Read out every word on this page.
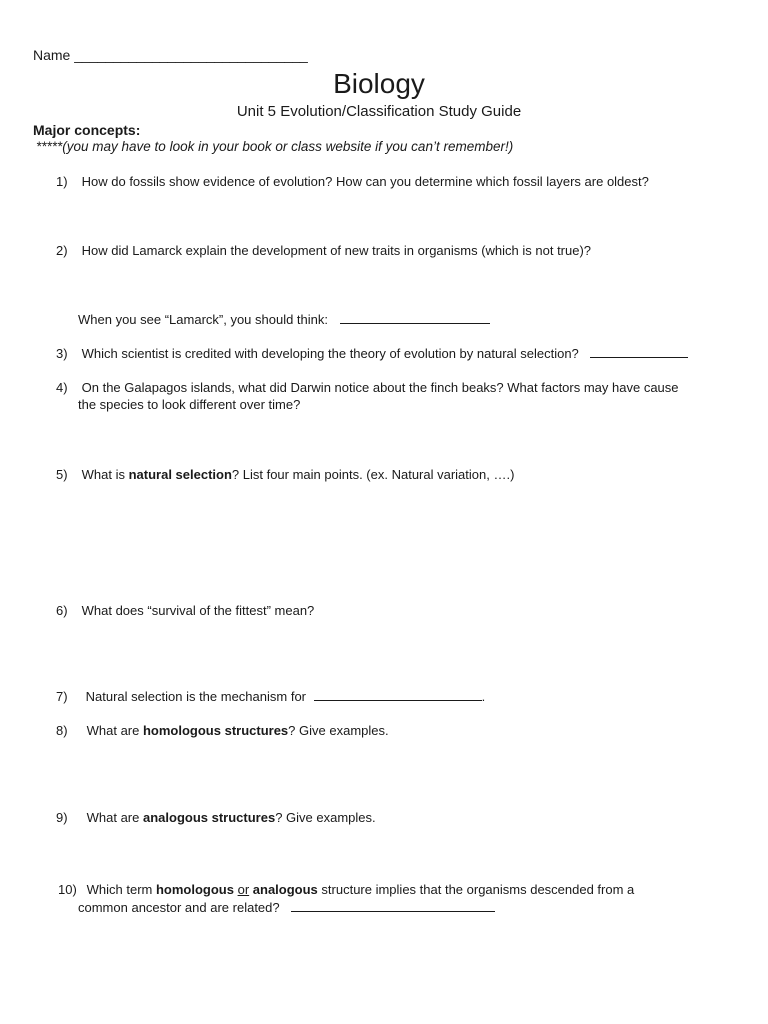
Name ______________________________
Biology
Unit 5 Evolution/Classification Study Guide
Major concepts:
*****(you may have to look in your book or class website if you can’t remember!)
1) How do fossils show evidence of evolution? How can you determine which fossil layers are oldest?
2) How did Lamarck explain the development of new traits in organisms (which is not true)?
When you see “Lamarck”, you should think:
3) Which scientist is credited with developing the theory of evolution by natural selection?
4) On the Galapagos islands, what did Darwin notice about the finch beaks? What factors may have cause
the species to look different over time?
5) What is natural selection? List four main points. (ex. Natural variation, ….)
6) What does “survival of the fittest” mean?
7) Natural selection is the mechanism for	.
8) What are homologous structures? Give examples.
9) What are analogous structures? Give examples.
10) Which term homologous or analogous structure implies that the organisms descended from a
common ancestor and are related?
